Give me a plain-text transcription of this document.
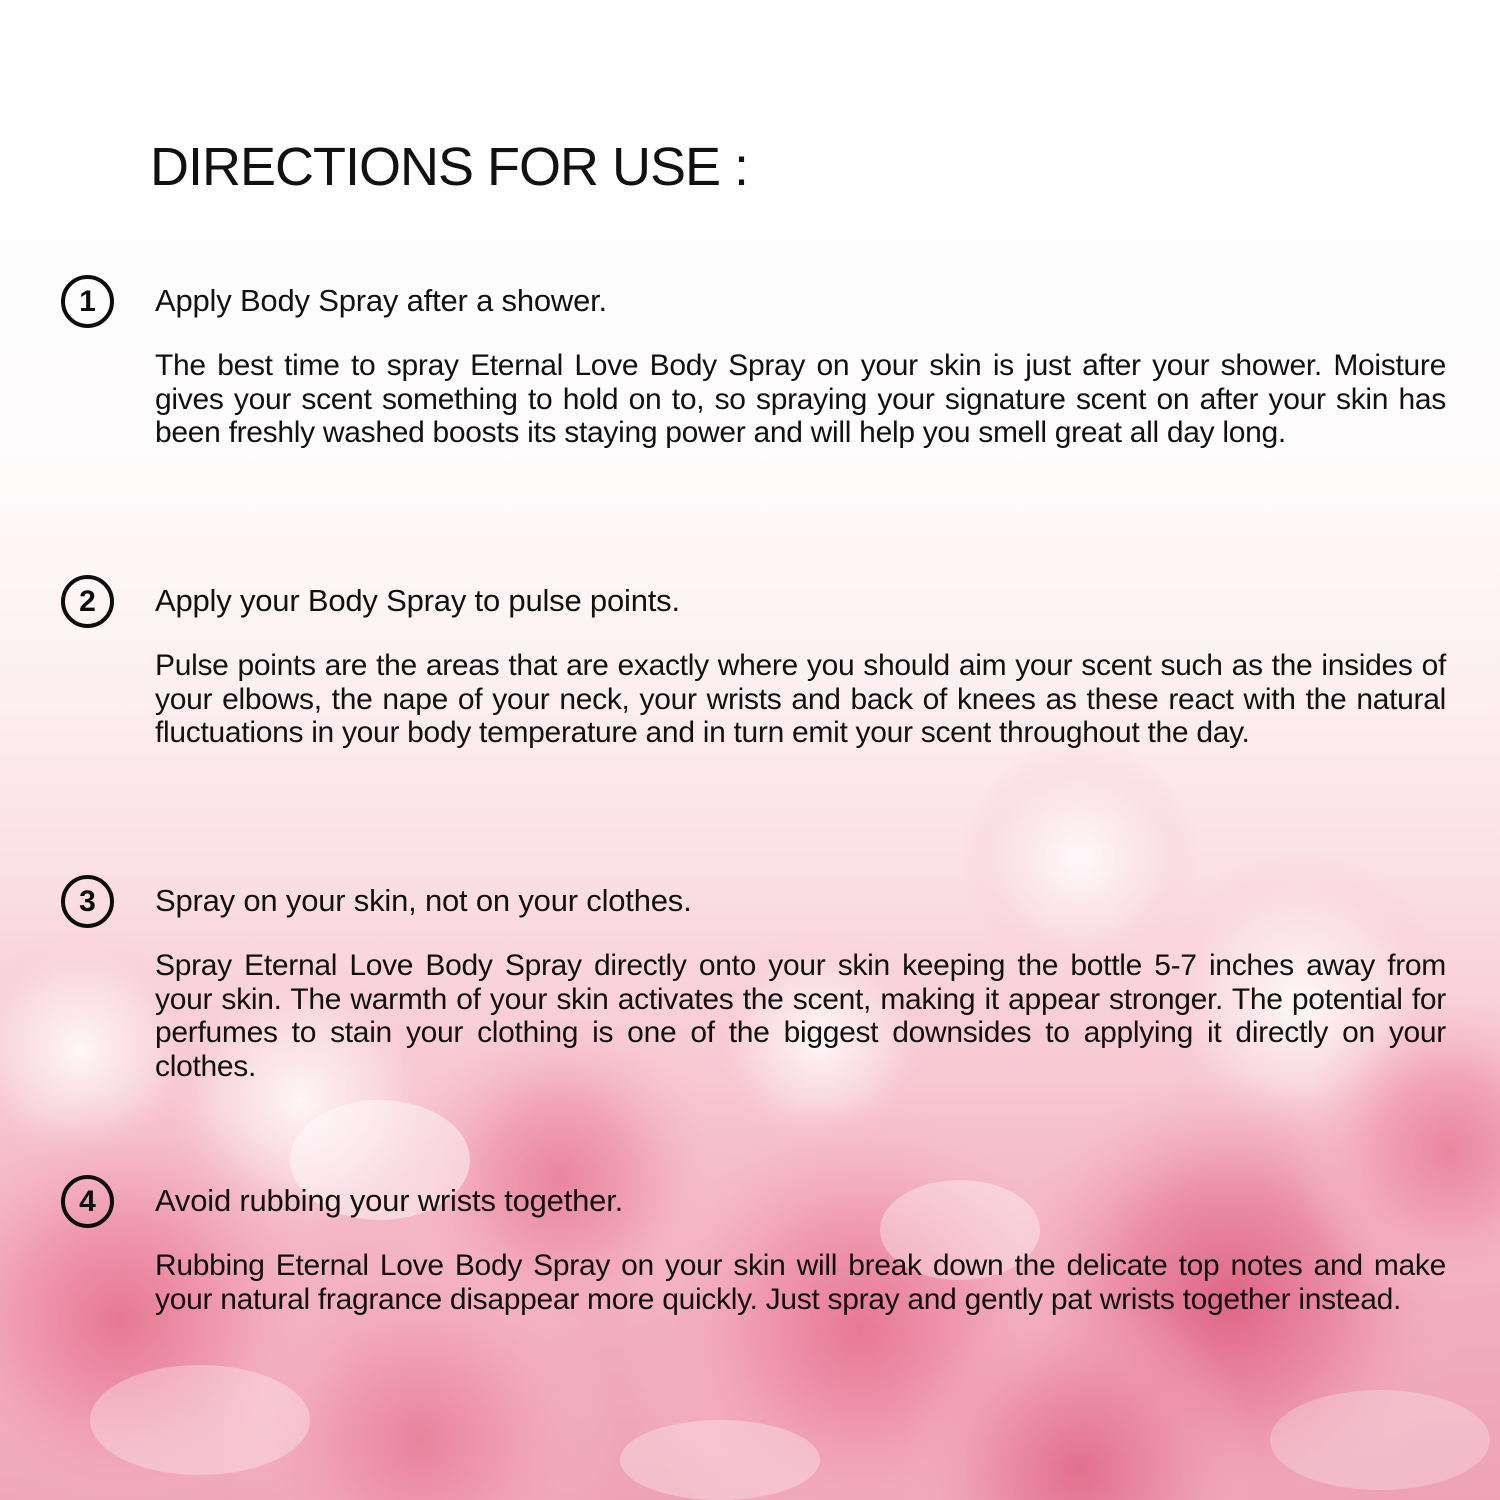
DIRECTIONS FOR USE :
1	Apply Body Spray after a shower.

The best time to spray Eternal Love Body Spray on your skin is just after your shower. Moisture gives your scent something to hold on to, so spraying your signature scent on after your skin has been freshly washed boosts its staying power and will help you smell great all day long.

2	Apply your Body Spray to pulse points.

Pulse points are the areas that are exactly where you should aim your scent such as the insides of your elbows, the nape of your neck, your wrists and back of knees as these react with the natural fluctuations in your body temperature and in turn emit your scent throughout the day.

3	Spray on your skin, not on your clothes.

Spray Eternal Love Body Spray directly onto your skin keeping the bottle 5-7 inches away from your skin. The warmth of your skin activates the scent, making it appear stronger. The potential for perfumes to stain your clothing is one of the biggest downsides to applying it directly on your clothes.

4	Avoid rubbing your wrists together.

Rubbing Eternal Love Body Spray on your skin will break down the delicate top notes and make your natural fragrance disappear more quickly. Just spray and gently pat wrists together instead.
